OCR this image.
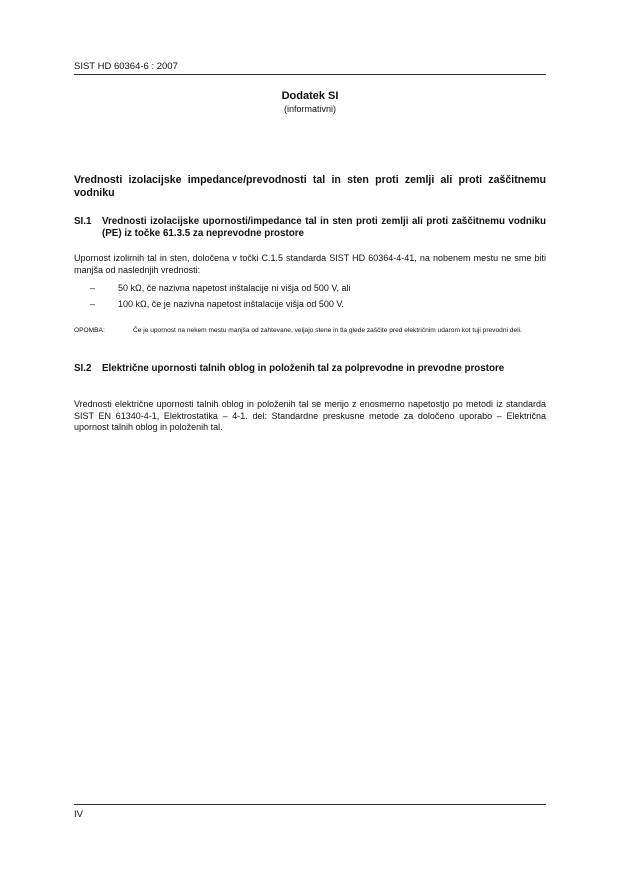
SIST HD 60364-6 : 2007
Dodatek SI
(informativni)
Vrednosti izolacijske impedance/prevodnosti tal in sten proti zemlji ali proti zaščitnemu vodniku
SI.1 Vrednosti izolacijske upornosti/impedance tal in sten proti zemlji ali proti zaščitnemu vodniku (PE) iz točke 61.3.5 za neprevodne prostore
Upornost izolirnih tal in sten, določena v točki C.1.5 standarda SIST HD 60364-4-41, na nobenem mestu ne sme biti manjša od naslednjih vrednosti:
–	50 kΩ, če nazivna napetost inštalacije ni višja od 500 V, ali
–	100 kΩ, če je nazivna napetost inštalacije višja od 500 V.
OPOMBA:	Če je upornost na nekem mestu manjša od zahtevane, veljajo stene in tla glede zaščite pred električnim udarom kot tuji prevodni deli.
SI.2 Električne upornosti talnih oblog in položenih tal za polprevodne in prevodne prostore
Vrednosti električne upornosti talnih oblog in položenih tal se merijo z enosmerno napetostjo po metodi iz standarda SIST EN 61340-4-1, Elektrostatika – 4-1. del: Standardne preskusne metode za določeno uporabo – Električna upornost talnih oblog in položenih tal.
IV
